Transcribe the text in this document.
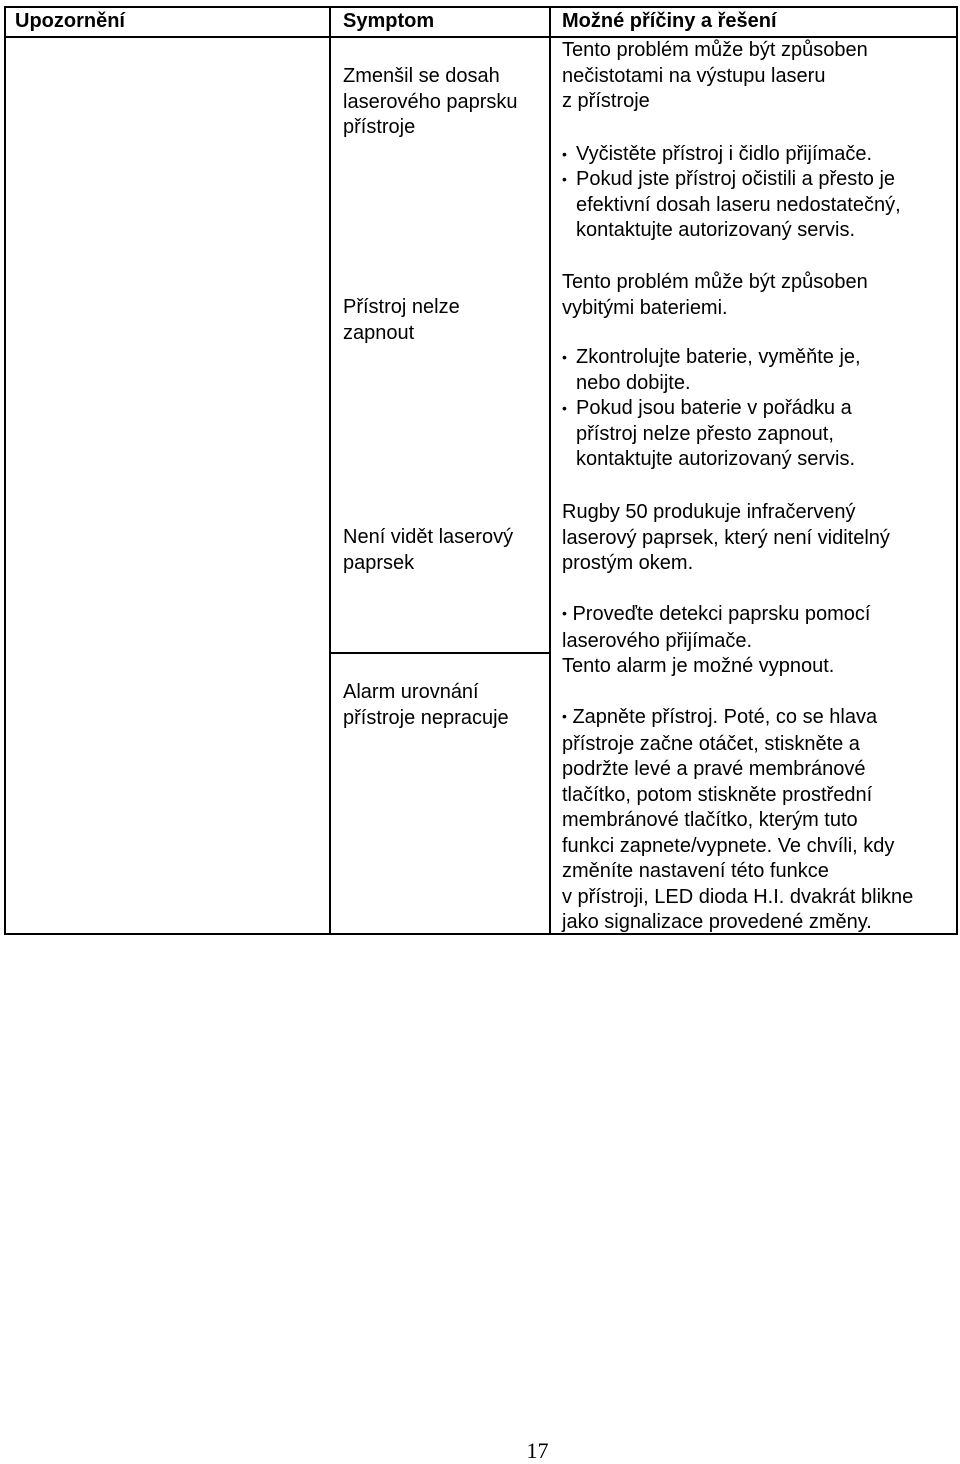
Upozornění	Symptom	Možné příčiny a řešení

Zmenšil se dosah
laserového paprsku
přístroje

Tento problém může být způsoben
nečistotami na výstupu laseru
z přístroje

• Vyčistěte přístroj i čidlo přijímače.

• Pokud jste přístroj očistili a přesto je
efektivní dosah laseru nedostatečný,
kontaktujte autorizovaný servis.

Přístroj nelze
zapnout

Tento problém může být způsoben
vybitými bateriemi.

• Zkontrolujte baterie, vyměňte je,
nebo dobijte.

• Pokud jsou baterie v pořádku a
přístroj nelze přesto zapnout,
kontaktujte autorizovaný servis.

Není vidět laserový
paprsek

Rugby 50 produkuje infračervený
laserový paprsek, který není viditelný
prostým okem.

• Proveďte detekci paprsku pomocí
laserového přijímače.

Alarm urovnání
přístroje nepracuje

Tento alarm je možné vypnout.

• Zapněte přístroj. Poté, co se hlava
přístroje začne otáčet, stiskněte a
podržte levé a pravé membránové
tlačítko, potom stiskněte prostřední
membránové tlačítko, kterým tuto
funkci zapnete/vypnete. Ve chvíli, kdy
změníte nastavení této funkce
v přístroji, LED dioda H.I. dvakrát blikne
jako signalizace provedené změny.

17
